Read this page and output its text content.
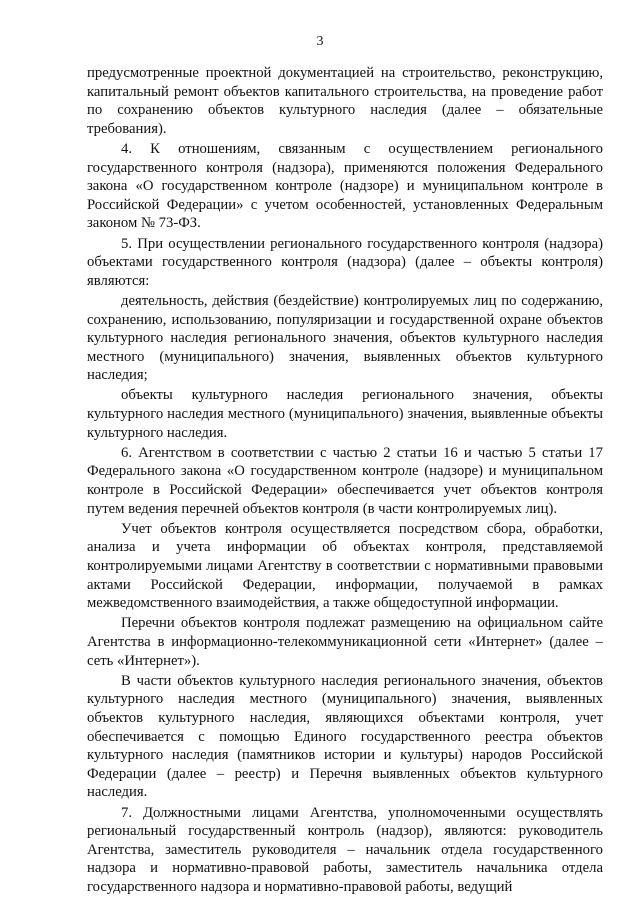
3

предусмотренные проектной документацией на строительство, реконструкцию, капитальный ремонт объектов капитального строительства, на проведение работ по сохранению объектов культурного наследия (далее – обязательные требования).

4. К отношениям, связанным с осуществлением регионального государственного контроля (надзора), применяются положения Федерального закона «О государственном контроле (надзоре) и муниципальном контроле в Российской Федерации» с учетом особенностей, установленных Федеральным законом № 73-ФЗ.

5. При осуществлении регионального государственного контроля (надзора) объектами государственного контроля (надзора) (далее – объекты контроля) являются:

деятельность, действия (бездействие) контролируемых лиц по содержанию, сохранению, использованию, популяризации и государственной охране объектов культурного наследия регионального значения, объектов культурного наследия местного (муниципального) значения, выявленных объектов культурного наследия;

объекты культурного наследия регионального значения, объекты культурного наследия местного (муниципального) значения, выявленные объекты культурного наследия.

6. Агентством в соответствии с частью 2 статьи 16 и частью 5 статьи 17 Федерального закона «О государственном контроле (надзоре) и муниципальном контроле в Российской Федерации» обеспечивается учет объектов контроля путем ведения перечней объектов контроля (в части контролируемых лиц).

Учет объектов контроля осуществляется посредством сбора, обработки, анализа и учета информации об объектах контроля, представляемой контролируемыми лицами Агентству в соответствии с нормативными правовыми актами Российской Федерации, информации, получаемой в рамках межведомственного взаимодействия, а также общедоступной информации.

Перечни объектов контроля подлежат размещению на официальном сайте Агентства в информационно-телекоммуникационной сети «Интернет» (далее – сеть «Интернет»).

В части объектов культурного наследия регионального значения, объектов культурного наследия местного (муниципального) значения, выявленных объектов культурного наследия, являющихся объектами контроля, учет обеспечивается с помощью Единого государственного реестра объектов культурного наследия (памятников истории и культуры) народов Российской Федерации (далее – реестр) и Перечня выявленных объектов культурного наследия.

7. Должностными лицами Агентства, уполномоченными осуществлять региональный государственный контроль (надзор), являются: руководитель Агентства, заместитель руководителя – начальник отдела государственного надзора и нормативно-правовой работы, заместитель начальника отдела государственного надзора и нормативно-правовой работы, ведущий
